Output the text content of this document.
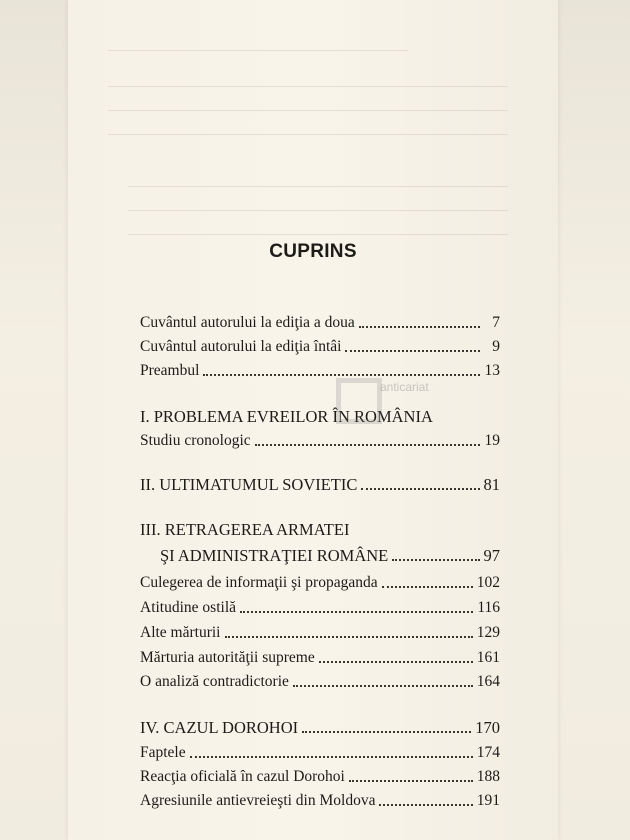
CUPRINS
Cuvântul autorului la ediţia a doua	7
Cuvântul autorului la ediţia întâi	9
Preambul	13
I. PROBLEMA EVREILOR ÎN ROMÂNIA
Studiu cronologic	19
II. ULTIMATUMUL SOVIETIC	81
III. RETRAGEREA ARMATEI
ŞI ADMINISTRAŢIEI ROMÂNE	97
Culegerea de informaţii şi propaganda	102
Atitudine ostilă	116
Alte mărturii	129
Mărturia autorităţii supreme	161
O analiză contradictorie	164
IV. CAZUL DOROHOI	170
Faptele	174
Reacţia oficială în cazul Dorohoi	188
Agresiunile antievreieşti din Moldova	191
anticariat
